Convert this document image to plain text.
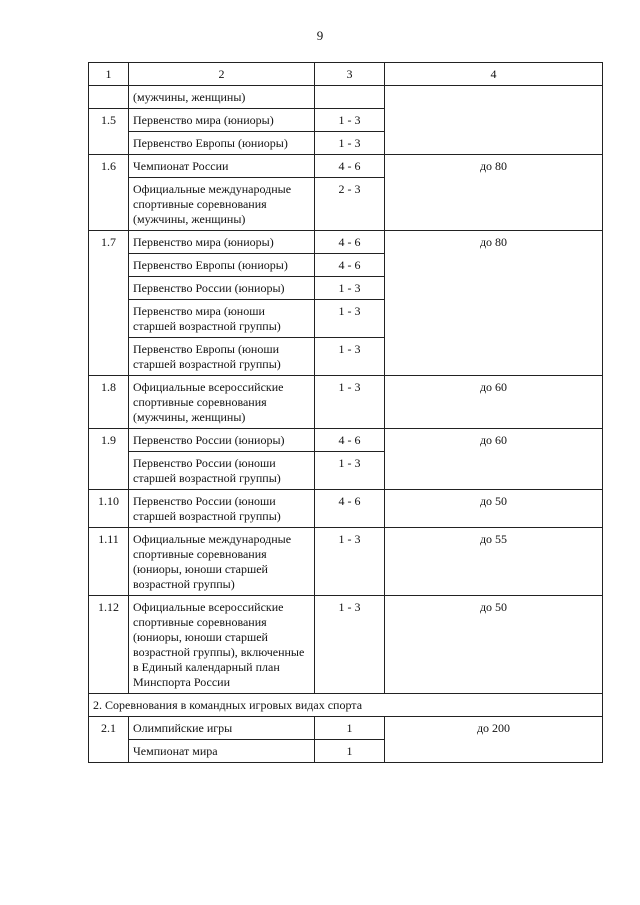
9
1	2	3	4
	(мужчины, женщины)		
1.5	Первенство мира (юниоры)	1 - 3	
	Первенство Европы (юниоры)	1 - 3	
1.6	Чемпионат России	4 - 6	до 80
	Официальные международные спортивные соревнования (мужчины, женщины)	2 - 3	
1.7	Первенство мира (юниоры)	4 - 6	до 80
	Первенство Европы (юниоры)	4 - 6	
	Первенство России (юниоры)	1 - 3	
	Первенство мира (юноши старшей возрастной группы)	1 - 3	
	Первенство Европы (юноши старшей возрастной группы)	1 - 3	
1.8	Официальные всероссийские спортивные соревнования (мужчины, женщины)	1 - 3	до 60
1.9	Первенство России (юниоры)	4 - 6	до 60
	Первенство России (юноши старшей возрастной группы)	1 - 3	
1.10	Первенство России (юноши старшей возрастной группы)	4 - 6	до 50
1.11	Официальные международные спортивные соревнования (юниоры, юноши старшей возрастной группы)	1 - 3	до 55
1.12	Официальные всероссийские спортивные соревнования (юниоры, юноши старшей возрастной группы), включенные в Единый календарный план Минспорта России	1 - 3	до 50
2. Соревнования в командных игровых видах спорта			
2.1	Олимпийские игры	1	до 200
	Чемпионат мира	1	
